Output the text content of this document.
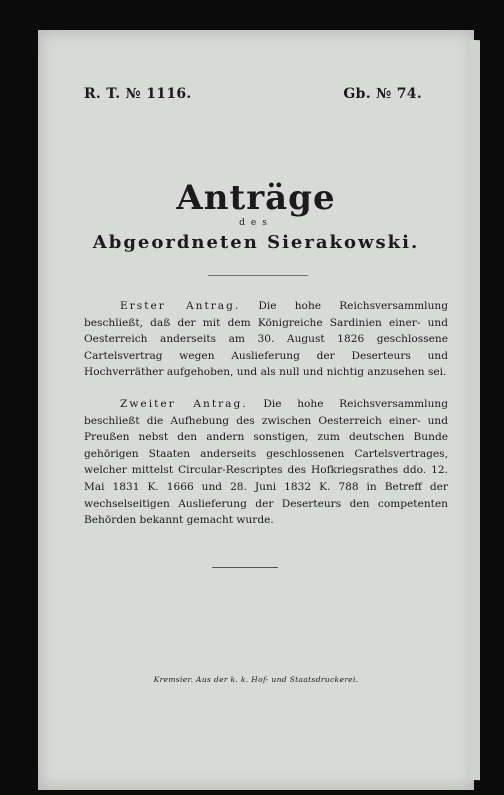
R. T. № 1116.	Gb. № 74.
Anträge
des
Abgeordneten Sierakowski.
Erster Antrag. Die hohe Reichsversammlung beschließt, daß der mit dem Königreiche Sardinien einer- und Oesterreich anderseits am 30. August 1826 geschlossene Cartelsvertrag wegen Auslieferung der Deserteurs und Hochverräther aufgehoben, und als null und nichtig anzusehen sei.
Zweiter Antrag. Die hohe Reichsversammlung beschließt die Aufhebung des zwischen Oesterreich einer- und Preußen nebst den andern sonstigen, zum deutschen Bunde gehörigen Staaten anderseits geschlossenen Cartelsvertrages, welcher mittelst Circular-Rescriptes des Hofkriegsrathes ddo. 12. Mai 1831 K. 1666 und 28. Juni 1832 K. 788 in Betreff der wechselseitigen Auslieferung der Deserteurs den competenten Behörden bekannt gemacht wurde.
Kremsier. Aus der k. k. Hof- und Staatsdruckerei.
